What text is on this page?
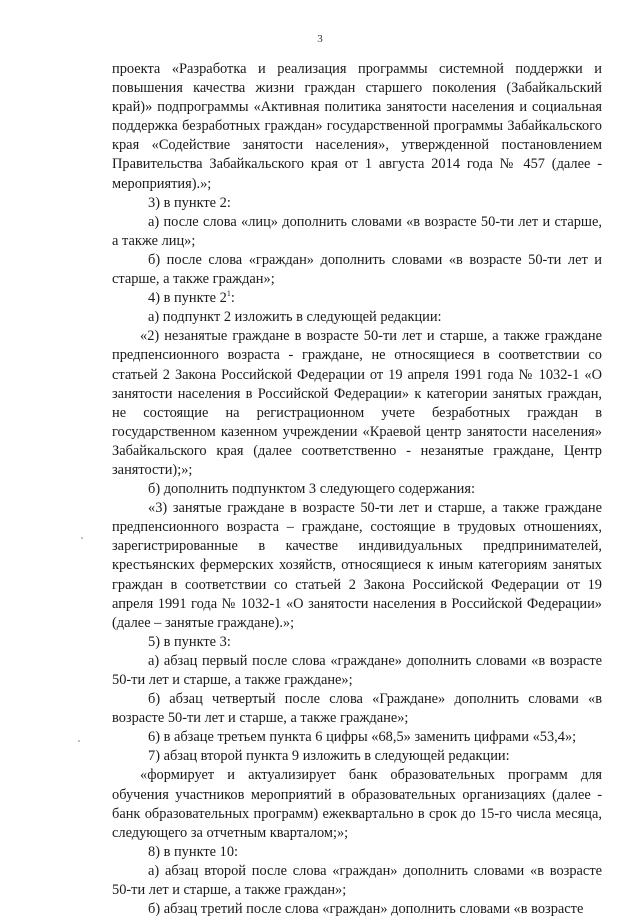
3

проекта «Разработка и реализация программы системной поддержки и повышения качества жизни граждан старшего поколения (Забайкальский край)» подпрограммы «Активная политика занятости населения и социальная поддержка безработных граждан» государственной программы Забайкальского края «Содействие занятости населения», утвержденной постановлением Правительства Забайкальского края от 1 августа 2014 года № 457 (далее - мероприятия).»;

3) в пункте 2:

а) после слова «лиц» дополнить словами «в возрасте 50-ти лет и старше, а также лиц»;

б) после слова «граждан» дополнить словами «в возрасте 50-ти лет и старше, а также граждан»;

4) в пункте $2^1$:

а) подпункт 2 изложить в следующей редакции:

«2) незанятые граждане в возрасте 50-ти лет и старше, а также граждане предпенсионного возраста - граждане, не относящиеся в соответствии со статьей 2 Закона Российской Федерации от 19 апреля 1991 года № 1032-1 «О занятости населения в Российской Федерации» к категории занятых граждан, не состоящие на регистрационном учете безработных граждан в государственном казенном учреждении «Краевой центр занятости населения» Забайкальского края (далее соответственно - незанятые граждане, Центр занятости);»;

б) дополнить подпунктом 3 следующего содержания:

«3) занятые граждане в возрасте 50-ти лет и старше, а также граждане предпенсионного возраста – граждане, состоящие в трудовых отношениях, зарегистрированные в качестве индивидуальных предпринимателей, крестьянских фермерских хозяйств, относящиеся к иным категориям занятых граждан в соответствии со статьей 2 Закона Российской Федерации от 19 апреля 1991 года № 1032-1 «О занятости населения в Российской Федерации» (далее – занятые граждане).»;

5) в пункте 3:

а) абзац первый после слова «граждане» дополнить словами «в возрасте 50-ти лет и старше, а также граждане»;

б) абзац четвертый после слова «Граждане» дополнить словами «в возрасте 50-ти лет и старше, а также граждане»;

6) в абзаце третьем пункта 6 цифры «68,5» заменить цифрами «53,4»;

7) абзац второй пункта 9 изложить в следующей редакции:

«формирует и актуализирует банк образовательных программ для обучения участников мероприятий в образовательных организациях (далее - банк образовательных программ) ежеквартально в срок до 15-го числа месяца, следующего за отчетным кварталом;»;

8) в пункте 10:

а) абзац второй после слова «граждан» дополнить словами «в возрасте 50-ти лет и старше, а также граждан»;

б) абзац третий после слова «граждан» дополнить словами «в возрасте
